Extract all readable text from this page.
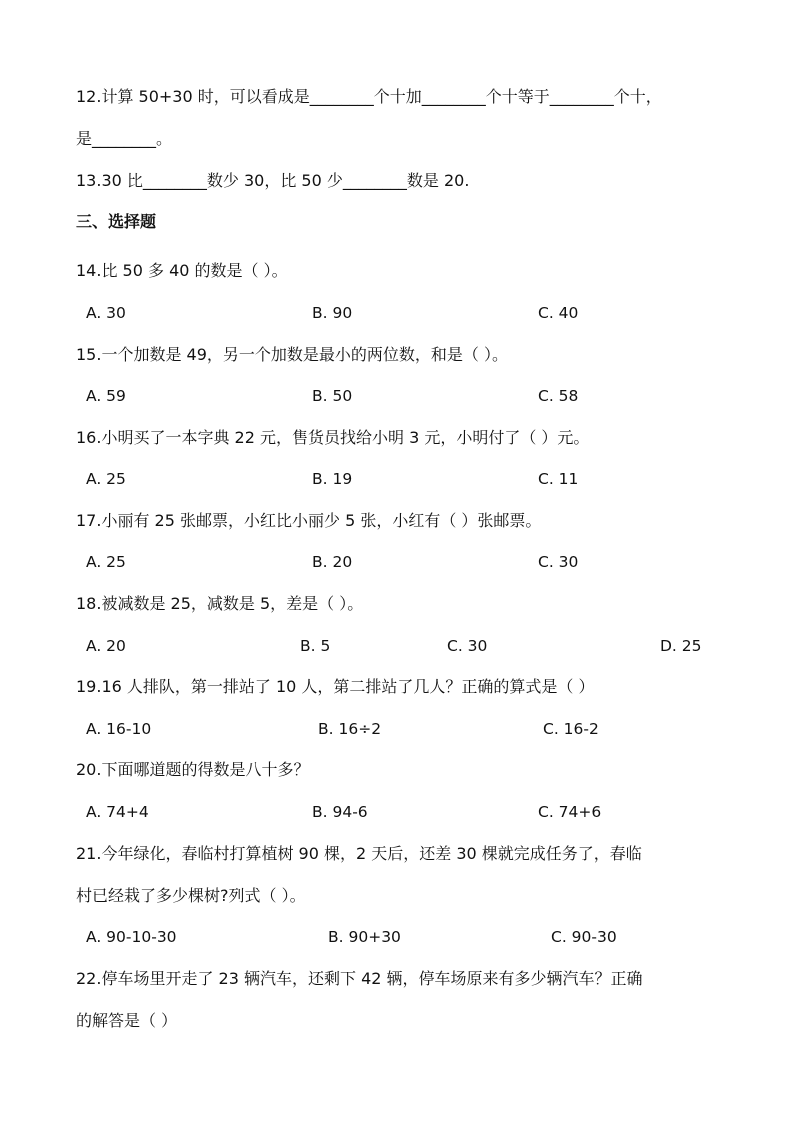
12.计算 50+30 时，可以看成是________个十加________个十等于________个十，
是________。
13.30 比________数少 30，比 50 少________数是 20.
三、选择题
14.比 50 多 40 的数是（ ）。
A. 30	B. 90	C. 40
15.一个加数是 49，另一个加数是最小的两位数，和是（ ）。
A. 59	B. 50	C. 58
16.小明买了一本字典 22 元，售货员找给小明 3 元，小明付了（ ）元。
A. 25	B. 19	C. 11
17.小丽有 25 张邮票，小红比小丽少 5 张，小红有（ ）张邮票。
A. 25	B. 20	C. 30
18.被减数是 25，减数是 5，差是（ ）。
A. 20	B. 5	C. 30	D. 25
19.16 人排队，第一排站了 10 人，第二排站了几人？正确的算式是（ ）
A. 16-10	B. 16÷2	C. 16-2
20.下面哪道题的得数是八十多？
A. 74+4	B. 94-6	C. 74+6
21.今年绿化，春临村打算植树 90 棵，2 天后，还差 30 棵就完成任务了，春临
村已经栽了多少棵树?列式（ ）。
A. 90-10-30	B. 90+30	C. 90-30
22.停车场里开走了 23 辆汽车，还剩下 42 辆，停车场原来有多少辆汽车？正确
的解答是（ ）
